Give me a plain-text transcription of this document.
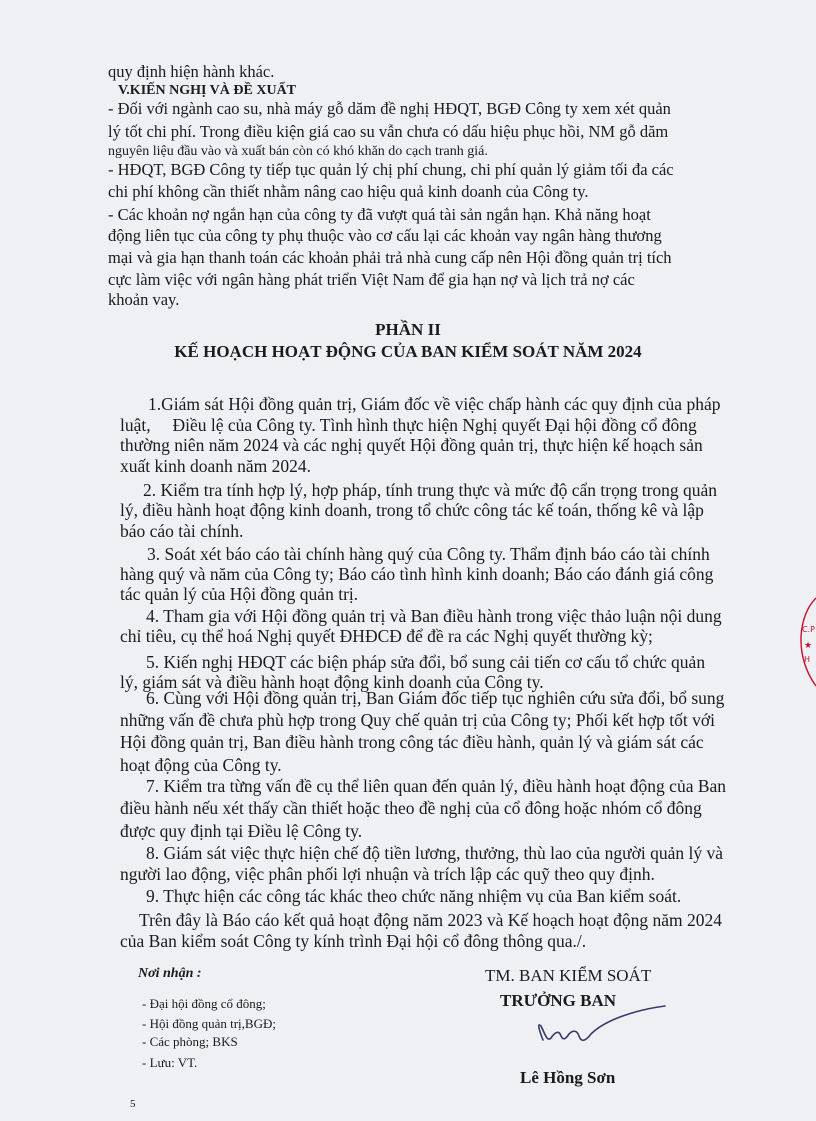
quy định hiện hành khác.
V.KIẾN NGHỊ VÀ ĐỀ XUẤT
- Đối với ngành cao su, nhà máy gỗ dăm đề nghị HĐQT, BGĐ Công ty xem xét quản
lý tốt chi phí. Trong điều kiện giá cao su vẫn chưa có dấu hiệu phục hồi, NM gỗ dăm
nguyên liệu đầu vào và xuất bán còn có khó khăn do cạch tranh giá.
- HĐQT, BGĐ Công ty tiếp tục quản lý chị phí chung, chi phí quản lý giảm tối đa các
chi phí không cần thiết nhằm nâng cao hiệu quả kinh doanh của Công ty.
- Các khoản nợ ngắn hạn của công ty đã vượt quá tài sản ngắn hạn. Khả năng hoạt
động liên tục của công ty phụ thuộc vào cơ cấu lại các khoản vay ngân hàng thương
mại và gia hạn thanh toán các khoản phải trả nhà cung cấp nên Hội đồng quản trị tích
cực làm việc với ngân hàng phát triển Việt Nam để gia hạn nợ và lịch trả nợ các
khoản vay.
PHẦN II
KẾ HOẠCH HOẠT ĐỘNG CỦA BAN KIỂM SOÁT NĂM 2024
1.Giám sát Hội đồng quản trị, Giám đốc về việc chấp hành các quy định của pháp
luật,     Điều lệ của Công ty. Tình hình thực hiện Nghị quyết Đại hội đồng cổ đông
thường niên năm 2024 và các nghị quyết Hội đồng quản trị, thực hiện kế hoạch sản
xuất kinh doanh năm 2024.
2. Kiểm tra tính hợp lý, hợp pháp, tính trung thực và mức độ cẩn trọng trong quản
lý, điều hành hoạt động kinh doanh, trong tổ chức công tác kế toán, thống kê và lập
báo cáo tài chính.
3. Soát xét báo cáo tài chính hàng quý của Công ty. Thẩm định báo cáo tài chính
hàng quý và năm của Công ty; Báo cáo tình hình kinh doanh; Báo cáo đánh giá công
tác quản lý của Hội đồng quản trị.
4. Tham gia với Hội đồng quản trị và Ban điều hành trong việc thảo luận nội dung
chỉ tiêu, cụ thể hoá Nghị quyết ĐHĐCĐ để đề ra các Nghị quyết thường kỳ;
5. Kiến nghị HĐQT các biện pháp sửa đổi, bổ sung cải tiến cơ cấu tổ chức quản
lý, giám sát và điều hành hoạt động kinh doanh của Công ty.
6. Cùng với Hội đồng quản trị, Ban Giám đốc tiếp tục nghiên cứu sửa đổi, bổ sung
những vấn đề chưa phù hợp trong Quy chế quản trị của Công ty; Phối kết hợp tốt với
Hội đồng quản trị, Ban điều hành trong công tác điều hành, quản lý và giám sát các
hoạt động của Công ty.
7. Kiểm tra từng vấn đề cụ thể liên quan đến quản lý, điều hành hoạt động của Ban
điều hành nếu xét thấy cần thiết hoặc theo đề nghị của cổ đông hoặc nhóm cổ đông
được quy định tại Điều lệ Công ty.
8. Giám sát việc thực hiện chế độ tiền lương, thưởng, thù lao của người quản lý và
người lao động, việc phân phối lợi nhuận và trích lập các quỹ theo quy định.
9. Thực hiện các công tác khác theo chức năng nhiệm vụ của Ban kiểm soát.
Trên đây là Báo cáo kết quả hoạt động năm 2023 và Kế hoạch hoạt động năm 2024
của Ban kiểm soát Công ty kính trình Đại hội cổ đông thông qua./.
Nơi nhận :
- Đại hội đồng cổ đông;
- Hội đồng quản trị,BGĐ;
- Các phòng; BKS
- Lưu: VT.
TM. BAN KIỂM SOÁT
TRƯỞNG BAN
Lê Hồng Sơn
C.P
★
H
5
